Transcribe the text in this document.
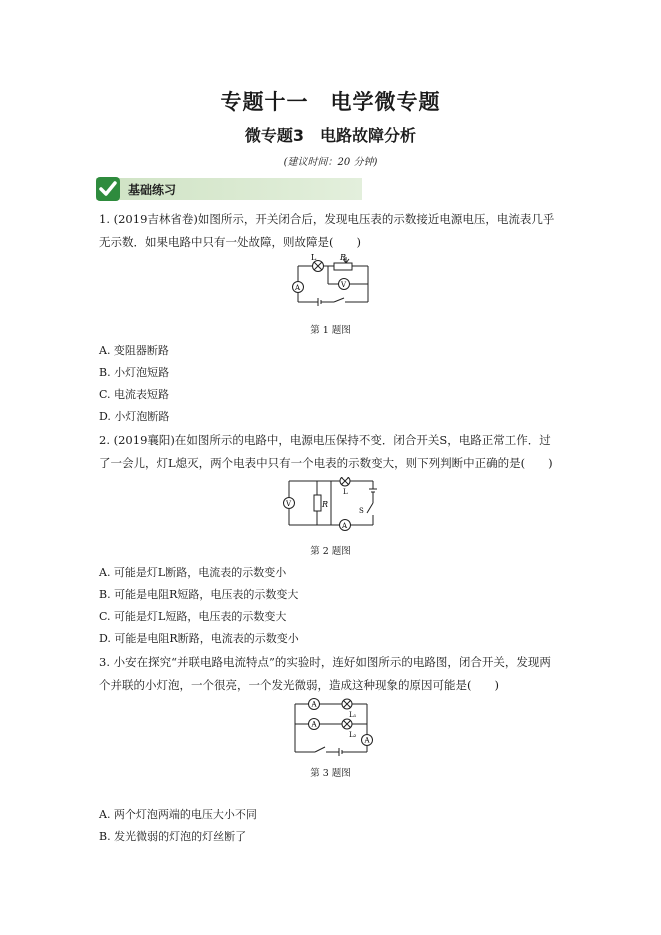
专题十一　电学微专题
微专题3　电路故障分析
(建议时间：20 分钟)
基础练习
1. (2019吉林省卷)如图所示，开关闭合后，发现电压表的示数接近电源电压，电流表几乎无示数．如果电路中只有一处故障，则故障是(　　)
L	R
A	V
第 1 题图
A. 变阻器断路
B. 小灯泡短路
C. 电流表短路
D. 小灯泡断路
2. (2019襄阳)在如图所示的电路中，电源电压保持不变．闭合开关S，电路正常工作．过了一会儿，灯L熄灭，两个电表中只有一个电表的示数变大，则下列判断中正确的是(　　)
V	R
L
S
A
第 2 题图
A. 可能是灯L断路，电流表的示数变小
B. 可能是电阻R短路，电压表的示数变大
C. 可能是灯L短路，电压表的示数变大
D. 可能是电阻R断路，电流表的示数变小
3. 小安在探究“并联电路电流特点”的实验时，连好如图所示的电路图，闭合开关，发现两个并联的小灯泡，一个很亮，一个发光微弱，造成这种现象的原因可能是(　　)
A
A
A
L₁
L₂
第 3 题图
A. 两个灯泡两端的电压大小不同
B. 发光微弱的灯泡的灯丝断了
